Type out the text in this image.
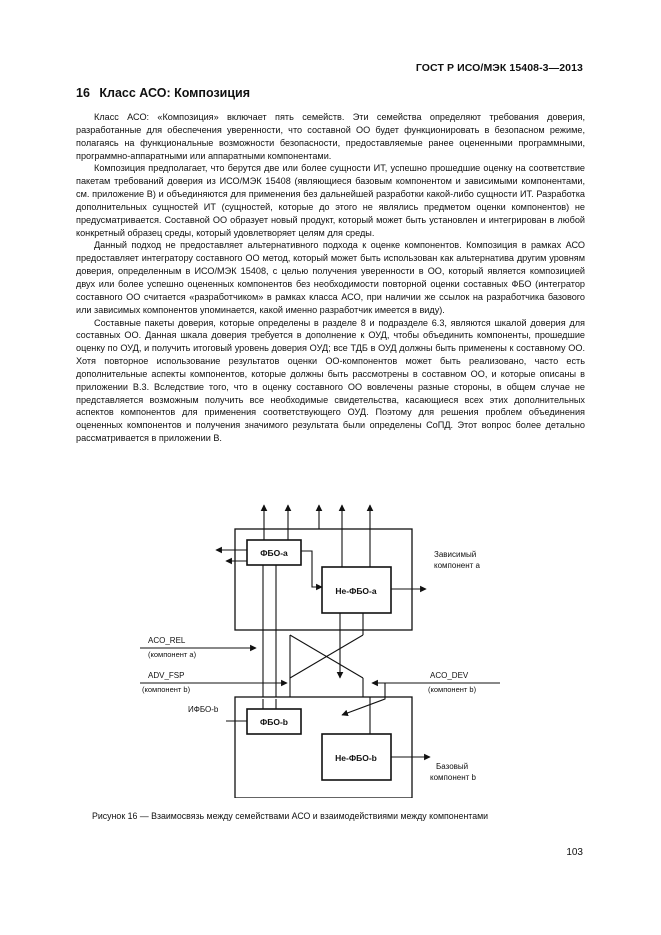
ГОСТ Р ИСО/МЭК 15408-3—2013
16 Класс АСО: Композиция

Класс АСО: «Композиция» включает пять семейств. Эти семейства определяют требования доверия, разработанные для обеспечения уверенности, что составной ОО будет функционировать в безопасном режиме, полагаясь на функциональные возможности безопасности, предоставляемые ранее оцененными программными, программно-аппаратными или аппаратными компонентами.

Композиция предполагает, что берутся две или более сущности ИТ, успешно прошедшие оценку на соответствие пакетам требований доверия из ИСО/МЭК 15408 (являющиеся базовым компонентом и зависимыми компонентами, см. приложение В) и объединяются для применения без дальнейшей разработки какой-либо сущности ИТ. Разработка дополнительных сущностей ИТ (сущностей, которые до этого не являлись предметом оценки компонентов) не предусматривается. Составной ОО образует новый продукт, который может быть установлен и интегрирован в любой конкретный образец среды, который удовлетворяет целям для среды.

Данный подход не предоставляет альтернативного подхода к оценке компонентов. Композиция в рамках АСО предоставляет интегратору составного ОО метод, который может быть использован как альтернатива другим уровням доверия, определенным в ИСО/МЭК 15408, с целью получения уверенности в ОО, который является композицией двух или более успешно оцененных компонентов без необходимости повторной оценки составных ФБО (интегратор составного ОО считается «разработчиком» в рамках класса АСО, при наличии же ссылок на разработчика базового или зависимых компонентов упоминается, какой именно разработчик имеется в виду).

Составные пакеты доверия, которые определены в разделе 8 и подразделе 6.3, являются шкалой доверия для составных ОО. Данная шкала доверия требуется в дополнение к ОУД, чтобы объединить компоненты, прошедшие оценку по ОУД, и получить итоговый уровень доверия ОУД; все ТДБ в ОУД должны быть применены к составному ОО. Хотя повторное использование результатов оценки ОО-компонентов может быть реализовано, часто есть дополнительные аспекты компонентов, которые должны быть рассмотрены в составном ОО, и которые описаны в приложении В.3. Вследствие того, что в оценку составного ОО вовлечены разные стороны, в общем случае не представляется возможным получить все необходимые свидетельства, касающиеся всех этих дополнительных аспектов компонентов для применения соответствующего ОУД. Поэтому для решения проблем объединения оцененных компонентов и получения значимого результата были определены СоПД. Этот вопрос более детально рассматривается в приложении В.

ФБО-а
Не-ФБО-а
ФБО-b
Не-ФБО-b
Зависимый
компонент а
ACO_REL
(компонент а)
ADV_FSP
(компонент b)
ACO_DEV
(компонент b)
ИФБО-b
Базовый
компонент b
Рисунок 16 — Взаимосвязь между семействами АСО и взаимодействиями между компонентами
103
